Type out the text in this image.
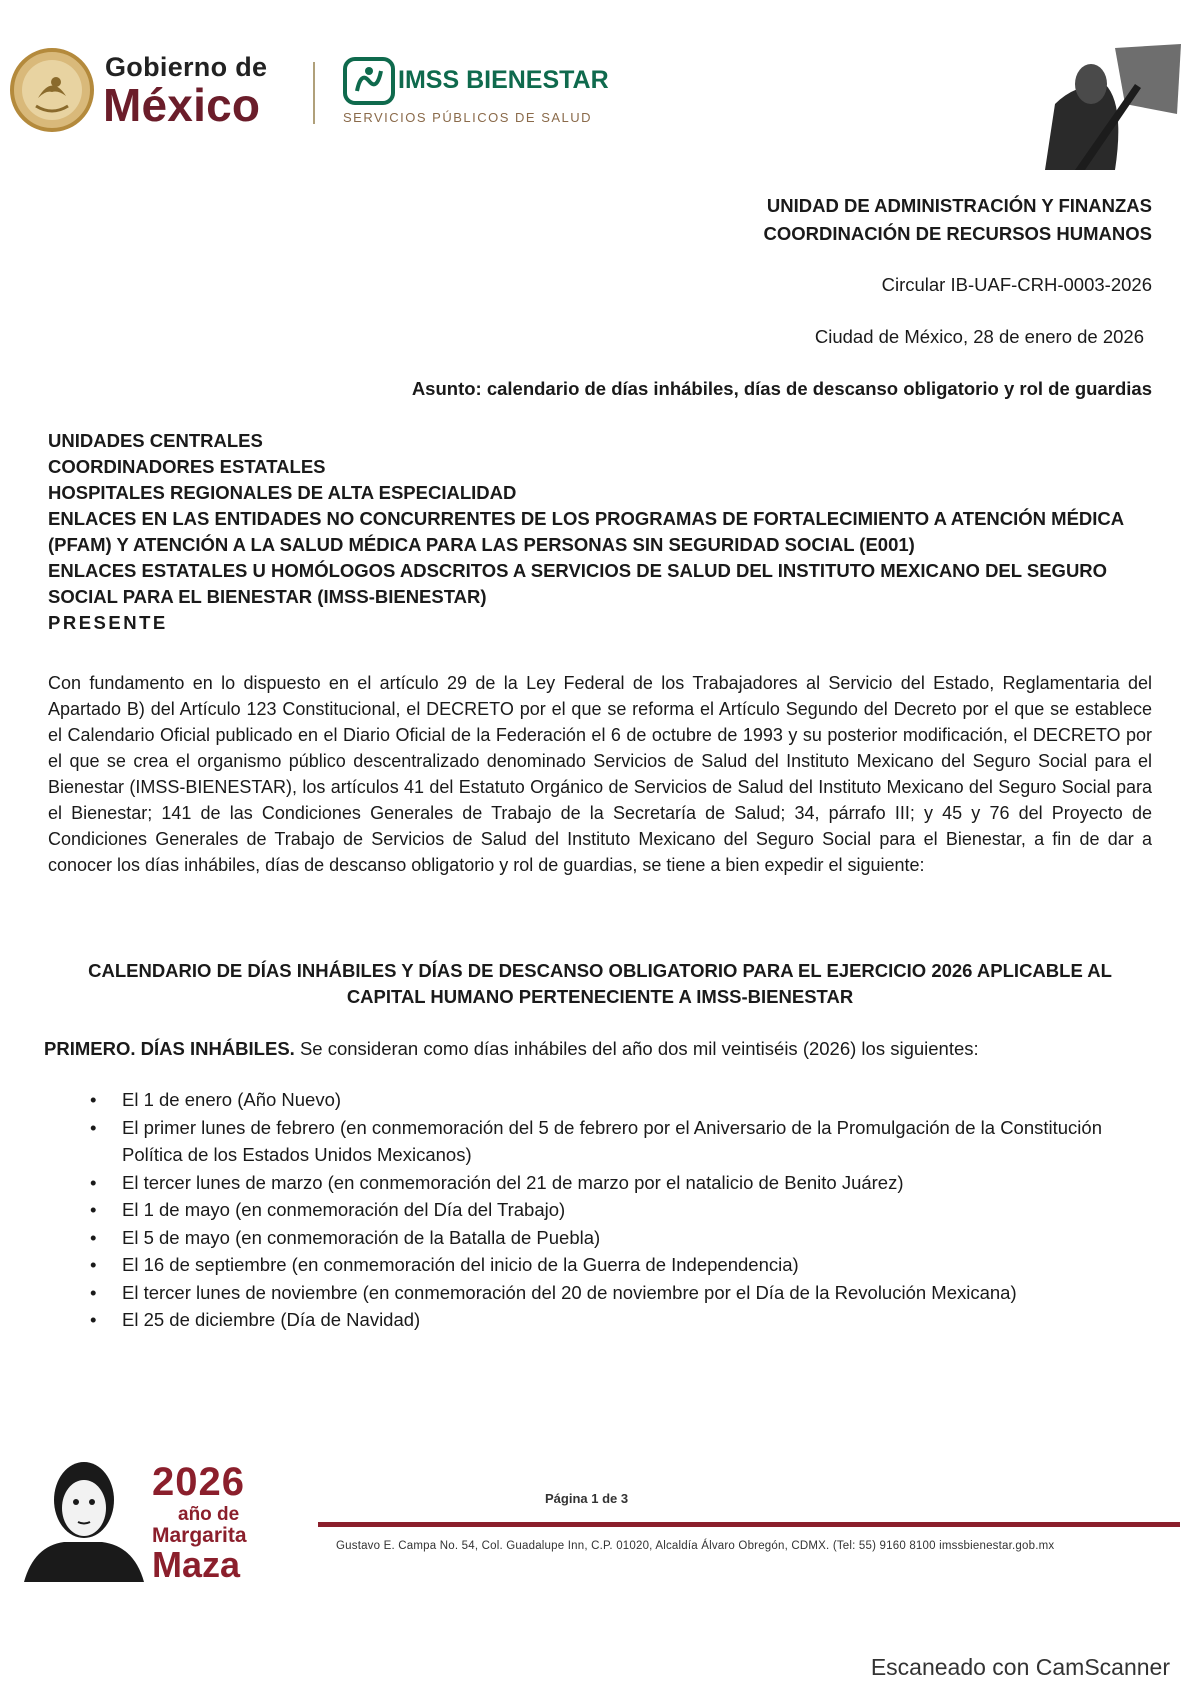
Gobierno de
México	IMSS BIENESTAR
SERVICIOS PÚBLICOS DE SALUD
UNIDAD DE ADMINISTRACIÓN Y FINANZAS
COORDINACIÓN DE RECURSOS HUMANOS
Circular IB-UAF-CRH-0003-2026
Ciudad de México, 28 de enero de 2026
Asunto: calendario de días inhábiles, días de descanso obligatorio y rol de guardias
UNIDADES CENTRALES
COORDINADORES ESTATALES
HOSPITALES REGIONALES DE ALTA ESPECIALIDAD
ENLACES EN LAS ENTIDADES NO CONCURRENTES DE LOS PROGRAMAS DE FORTALECIMIENTO A ATENCIÓN MÉDICA (PFAM) Y ATENCIÓN A LA SALUD MÉDICA PARA LAS PERSONAS SIN SEGURIDAD SOCIAL (E001)
ENLACES ESTATALES U HOMÓLOGOS ADSCRITOS A SERVICIOS DE SALUD DEL INSTITUTO MEXICANO DEL SEGURO SOCIAL PARA EL BIENESTAR (IMSS-BIENESTAR)
PRESENTE
Con fundamento en lo dispuesto en el artículo 29 de la Ley Federal de los Trabajadores al Servicio del Estado, Reglamentaria del Apartado B) del Artículo 123 Constitucional, el DECRETO por el que se reforma el Artículo Segundo del Decreto por el que se establece el Calendario Oficial publicado en el Diario Oficial de la Federación el 6 de octubre de 1993 y su posterior modificación, el DECRETO por el que se crea el organismo público descentralizado denominado Servicios de Salud del Instituto Mexicano del Seguro Social para el Bienestar (IMSS-BIENESTAR), los artículos 41 del Estatuto Orgánico de Servicios de Salud del Instituto Mexicano del Seguro Social para el Bienestar; 141 de las Condiciones Generales de Trabajo de la Secretaría de Salud; 34, párrafo III; y 45 y 76 del Proyecto de Condiciones Generales de Trabajo de Servicios de Salud del Instituto Mexicano del Seguro Social para el Bienestar, a fin de dar a conocer los días inhábiles, días de descanso obligatorio y rol de guardias, se tiene a bien expedir el siguiente:
CALENDARIO DE DÍAS INHÁBILES Y DÍAS DE DESCANSO OBLIGATORIO PARA EL EJERCICIO 2026 APLICABLE AL
CAPITAL HUMANO PERTENECIENTE A IMSS-BIENESTAR
PRIMERO. DÍAS INHÁBILES. Se consideran como días inhábiles del año dos mil veintiséis (2026) los siguientes:
• El 1 de enero (Año Nuevo)
• El primer lunes de febrero (en conmemoración del 5 de febrero por el Aniversario de la Promulgación de la Constitución Política de los Estados Unidos Mexicanos)
• El tercer lunes de marzo (en conmemoración del 21 de marzo por el natalicio de Benito Juárez)
• El 1 de mayo (en conmemoración del Día del Trabajo)
• El 5 de mayo (en conmemoración de la Batalla de Puebla)
• El 16 de septiembre (en conmemoración del inicio de la Guerra de Independencia)
• El tercer lunes de noviembre (en conmemoración del 20 de noviembre por el Día de la Revolución Mexicana)
• El 25 de diciembre (Día de Navidad)
2026
año de
Margarita
Maza
Página 1 de 3
Gustavo E. Campa No. 54, Col. Guadalupe Inn, C.P. 01020, Alcaldía Álvaro Obregón, CDMX. (Tel: 55) 9160 8100 imssbienestar.gob.mx
Escaneado con CamScanner
